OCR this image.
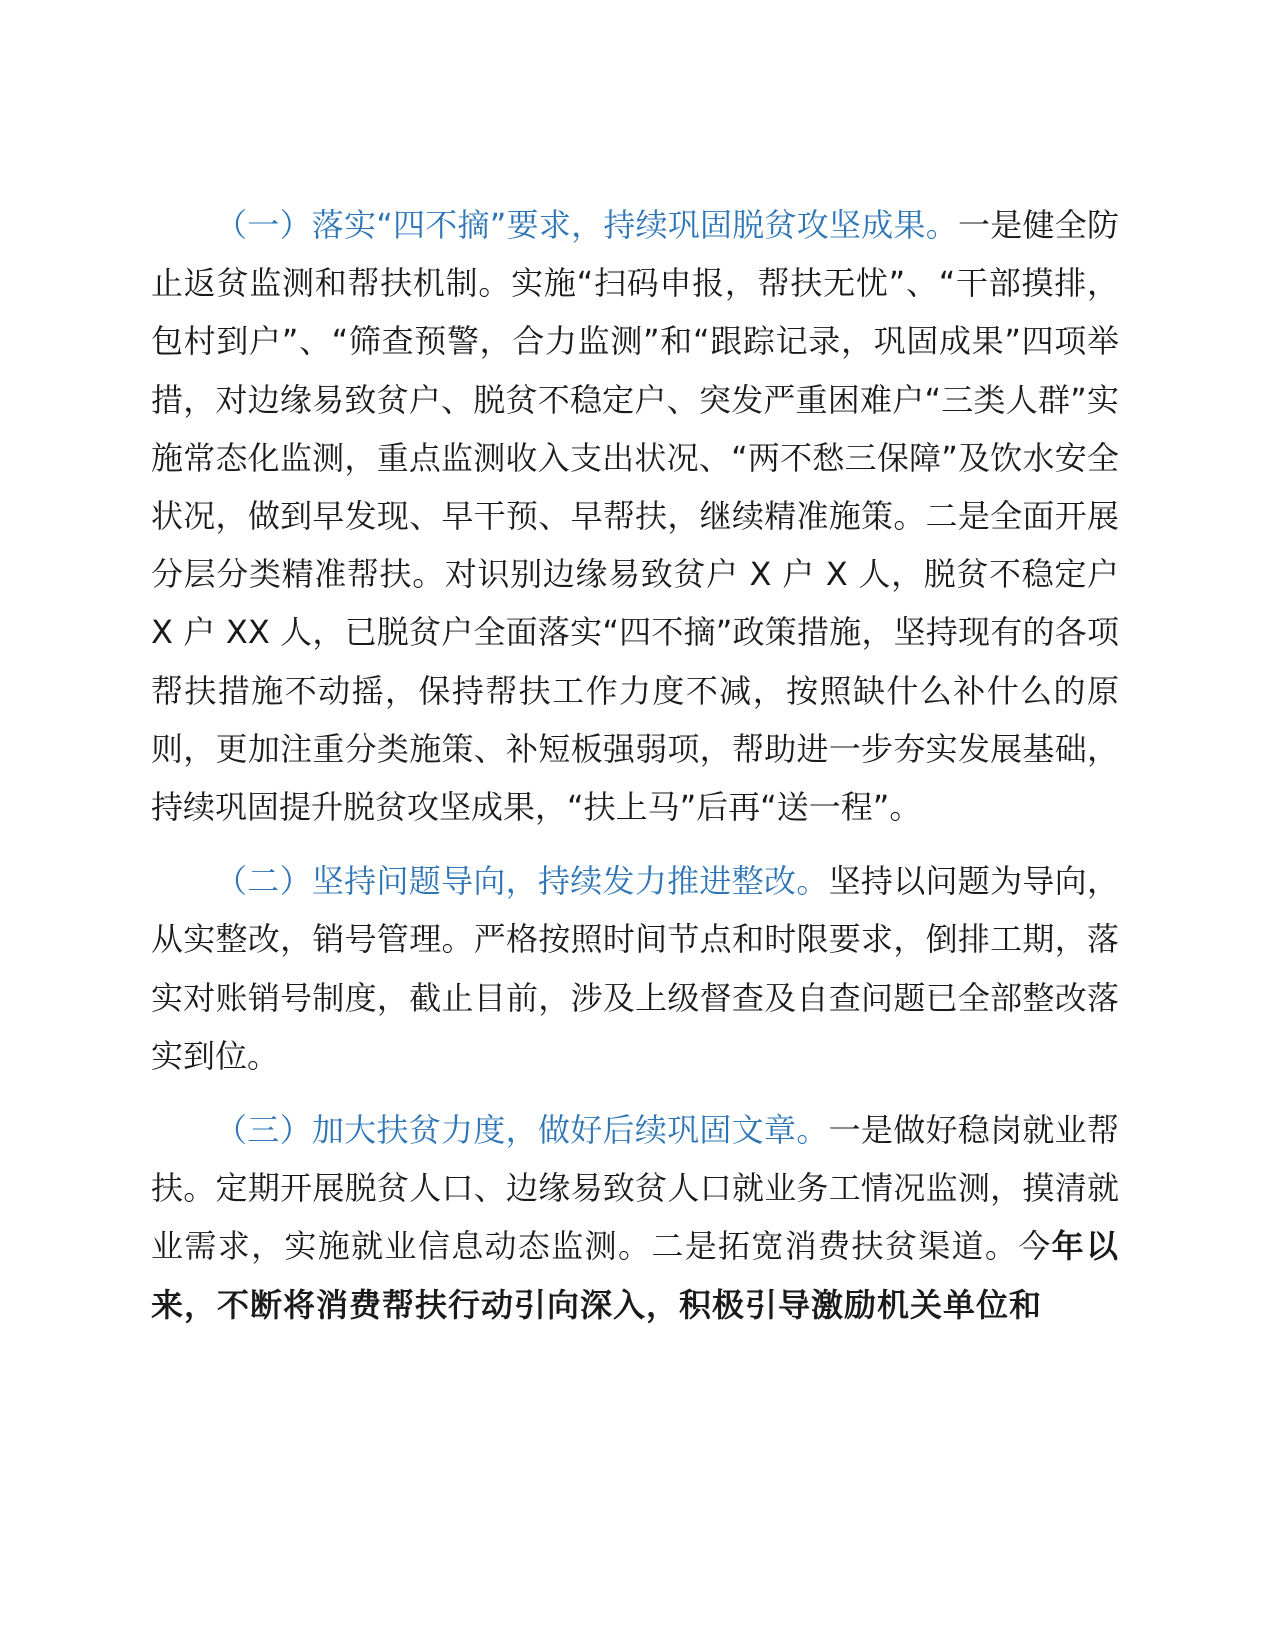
（一）落实“四不摘”要求，持续巩固脱贫攻坚成果。一是健全防止返贫监测和帮扶机制。实施“扫码申报，帮扶无忧”、“干部摸排，包村到户”、“筛查预警，合力监测”和“跟踪记录，巩固成果”四项举措，对边缘易致贫户、脱贫不稳定户、突发严重困难户“三类人群”实施常态化监测，重点监测收入支出状况、“两不愁三保障”及饮水安全状况，做到早发现、早干预、早帮扶，继续精准施策。二是全面开展分层分类精准帮扶。对识别边缘易致贫户 X 户 X 人，脱贫不稳定户 X 户 XX 人，已脱贫户全面落实“四不摘”政策措施，坚持现有的各项帮扶措施不动摇，保持帮扶工作力度不减，按照缺什么补什么的原则，更加注重分类施策、补短板强弱项，帮助进一步夯实发展基础，持续巩固提升脱贫攻坚成果，“扶上马”后再“送一程”。

（二）坚持问题导向，持续发力推进整改。坚持以问题为导向，从实整改，销号管理。严格按照时间节点和时限要求，倒排工期，落实对账销号制度，截止目前，涉及上级督查及自查问题已全部整改落实到位。

（三）加大扶贫力度，做好后续巩固文章。一是做好稳岗就业帮扶。定期开展脱贫人口、边缘易致贫人口就业务工情况监测，摸清就业需求，实施就业信息动态监测。二是拓宽消费扶贫渠道。今年以来，不断将消费帮扶行动引向深入，积极引导激励机关单位和
